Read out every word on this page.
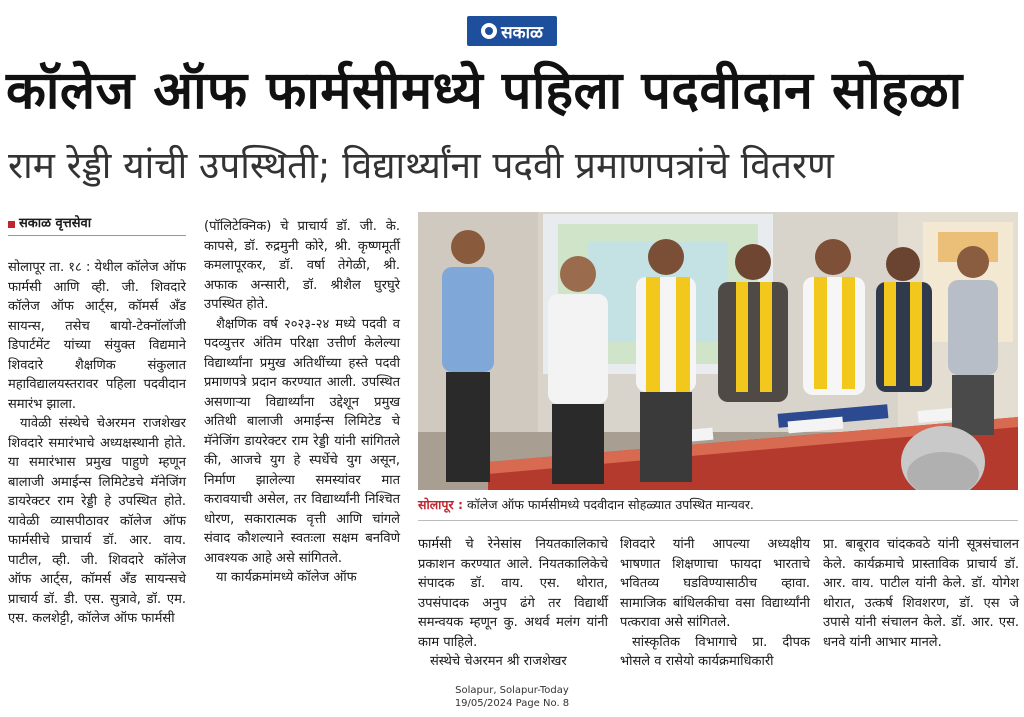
सकाळ
कॉलेज ऑफ फार्मसीमध्ये पहिला पदवीदान सोहळा
राम रेड्डी यांची उपस्थिती; विद्यार्थ्यांना पदवी प्रमाणपत्रांचे वितरण
सकाळ वृत्तसेवा

सोलापूर ता. १८ : येथील कॉलेज ऑफ फार्मसी आणि व्ही. जी. शिवदारे कॉलेज ऑफ आर्ट्स, कॉमर्स अँड सायन्स, तसेच बायो-टेक्नॉलॉजी डिपार्टमेंट यांच्या संयुक्त विद्यमाने शिवदारे शैक्षणिक संकुलात महाविद्यालयस्तरावर पहिला पदवीदान समारंभ झाला.

यावेळी संस्थेचे चेअरमन राजशेखर शिवदारे समारंभाचे अध्यक्षस्थानी होते. या समारंभास प्रमुख पाहुणे म्हणून बालाजी अमाईन्स लिमिटेडचे मॅनेजिंग डायरेक्टर राम रेड्डी हे उपस्थित होते. यावेळी व्यासपीठावर कॉलेज ऑफ फार्मसीचे प्राचार्य डॉ. आर. वाय. पाटील, व्ही. जी. शिवदारे कॉलेज ऑफ आर्ट्स, कॉमर्स अँड सायन्सचे प्राचार्य डॉ. डी. एस. सुत्रावे, डॉ. एम. एस. कलशेट्टी, कॉलेज ऑफ फार्मसी

(पॉलिटेक्निक) चे प्राचार्य डॉ. जी. के. कापसे, डॉ. रुद्रमुनी कोरे, श्री. कृष्णमूर्ती कमलापूरकर, डॉ. वर्षा तेगेळी, श्री. अफाक अन्सारी, डॉ. श्रीशैल घुरघुरे उपस्थित होते.

शैक्षणिक वर्ष २०२३-२४ मध्ये पदवी व पदव्युत्तर अंतिम परिक्षा उत्तीर्ण केलेल्या विद्यार्थ्यांना प्रमुख अतिथींच्या हस्ते पदवी प्रमाणपत्रे प्रदान करण्यात आली. उपस्थित असणाऱ्या विद्यार्थ्यांना उद्देशून प्रमुख अतिथी बालाजी अमाईन्स लिमिटेड चे मॅनेजिंग डायरेक्टर राम रेड्डी यांनी सांगितले की, आजचे युग हे स्पर्धेचे युग असून, निर्माण झालेल्या समस्यांवर मात करावयाची असेल, तर विद्यार्थ्यांनी निश्चित धोरण, सकारात्मक वृत्ती आणि चांगले संवाद कौशल्याने स्वतःला सक्षम बनविणे आवश्यक आहे असे सांगितले.

या कार्यक्रमांमध्ये कॉलेज ऑफ

सोलापूर : कॉलेज ऑफ फार्मसीमध्ये पदवीदान सोहळ्यात उपस्थित मान्यवर.

फार्मसी चे रेनेसांस नियतकालिकाचे प्रकाशन करण्यात आले. नियतकालिकेचे संपादक डॉ. वाय. एस. थोरात, उपसंपादक अनुप ढंगे तर विद्यार्थी समन्वयक म्हणून कु. अथर्व मलंग यांनी काम पाहिले.

संस्थेचे चेअरमन श्री राजशेखर

शिवदारे यांनी आपल्या अध्यक्षीय भाषणात शिक्षणाचा फायदा भारताचे भवितव्य घडविण्यासाठीच व्हावा. सामाजिक बांधिलकीचा वसा विद्यार्थ्यांनी पत्करावा असे सांगितले.

सांस्कृतिक विभागाचे प्रा. दीपक भोसले व रासेयो कार्यक्रमाधिकारी

प्रा. बाबूराव चांदकवठे यांनी सूत्रसंचालन केले. कार्यक्रमाचे प्रास्ताविक प्राचार्य डॉ. आर. वाय. पाटील यांनी केले. डॉ. योगेश थोरात, उत्कर्ष शिवशरण, डॉ. एस जे उपासे यांनी संचालन केले. डॉ. आर. एस. धनवे यांनी आभार मानले.

Solapur, Solapur-Today
19/05/2024 Page No. 8
